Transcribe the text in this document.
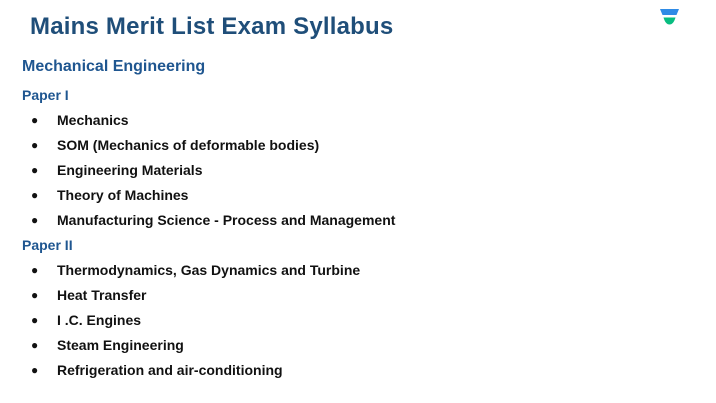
Mains Merit List Exam Syllabus
Mechanical Engineering
Paper I
● Mechanics
● SOM (Mechanics of deformable bodies)
● Engineering Materials
● Theory of Machines
● Manufacturing Science - Process and Management
Paper II
● Thermodynamics, Gas Dynamics and Turbine
● Heat Transfer
● I .C. Engines
● Steam Engineering
● Refrigeration and air-conditioning
